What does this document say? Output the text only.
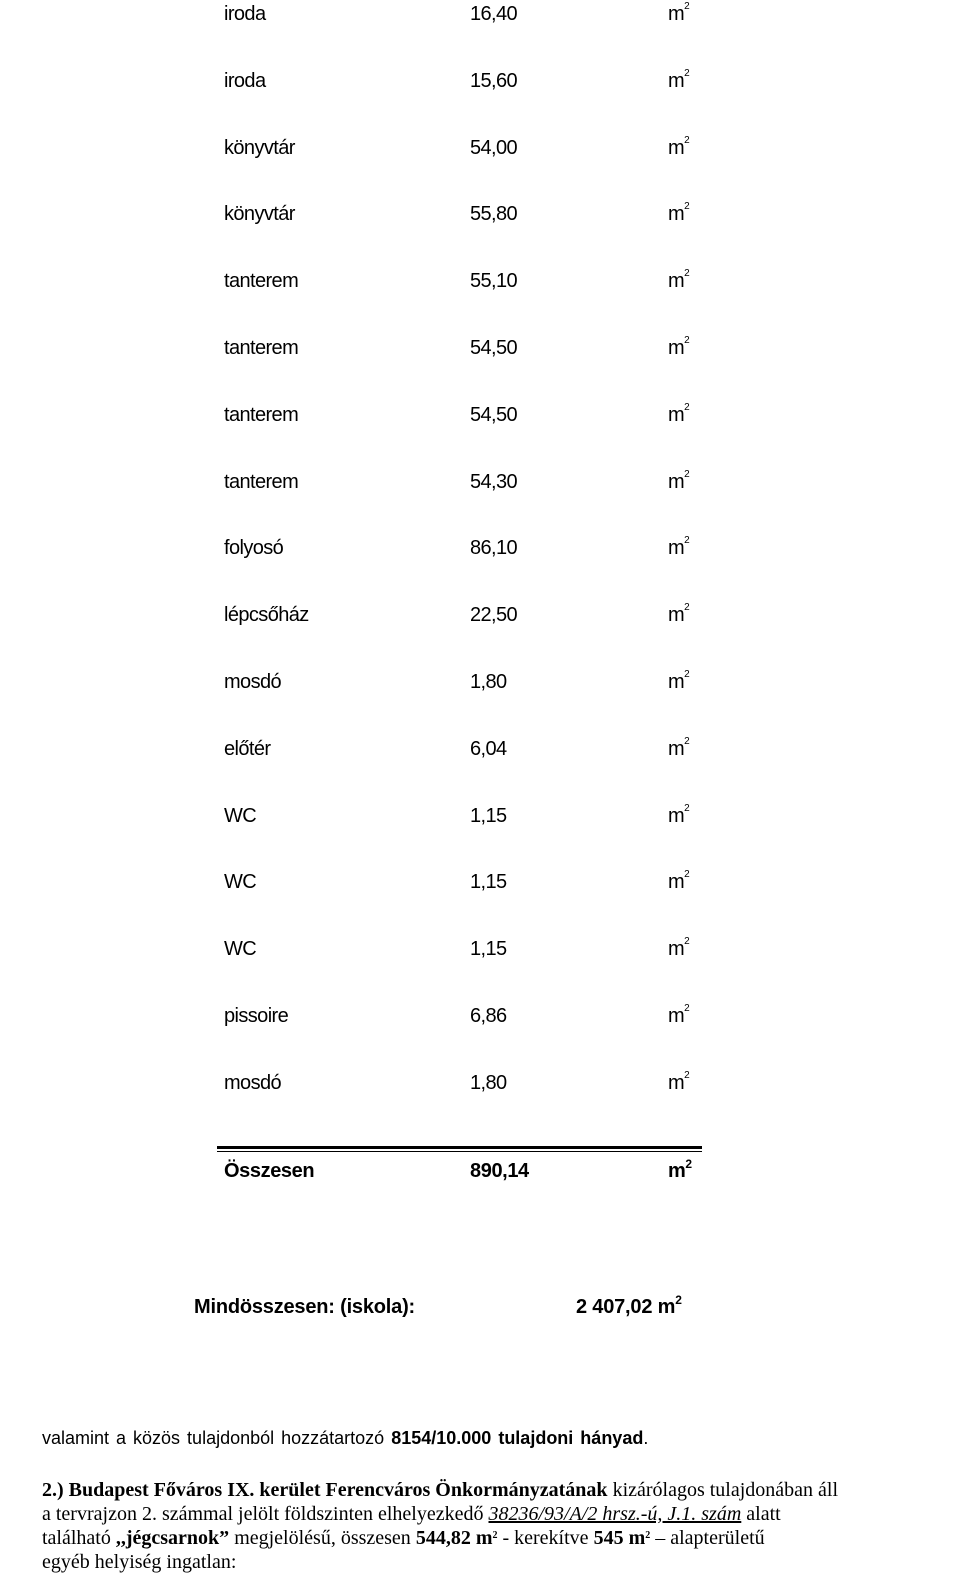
iroda	16,40	$m^2$
iroda	15,60	$m^2$
könyvtár	54,00	$m^2$
könyvtár	55,80	$m^2$
tanterem	55,10	$m^2$
tanterem	54,50	$m^2$
tanterem	54,50	$m^2$
tanterem	54,30	$m^2$
folyosó	86,10	$m^2$
lépcsőház	22,50	$m^2$
mosdó	1,80	$m^2$
előtér	6,04	$m^2$
WC	1,15	$m^2$
WC	1,15	$m^2$
WC	1,15	$m^2$
pissoire	6,86	$m^2$
mosdó	1,80	$m^2$
Összesen	890,14	$m^2$
Mindösszesen: (iskola):	2 407,02 $m^2$
valamint a közös tulajdonból hozzátartozó 8154/10.000 tulajdoni hányad.
2.) Budapest Főváros IX. kerület Ferencváros Önkormányzatának kizárólagos tulajdonában áll
a tervrajzon 2. számmal jelölt földszinten elhelyezkedő 38236/93/A/2 hrsz.-ú, J.1. szám alatt
található ,,jégcsarnok” megjelölésű, összesen 544,82 $m^2$ - kerekítve 545 $m^2$ – alapterületű
egyéb helyiség ingatlan:
